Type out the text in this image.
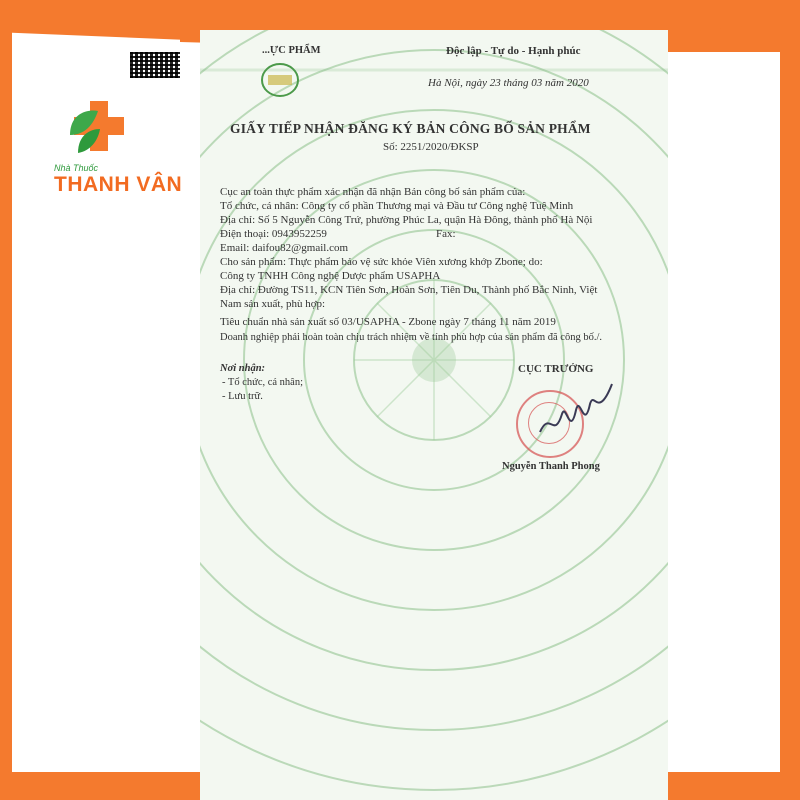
Nhà Thuốc
THANH VÂN
...ỰC PHẨM	Độc lập - Tự do - Hạnh phúc
Hà Nội, ngày 23 tháng 03 năm 2020
GIẤY TIẾP NHẬN ĐĂNG KÝ BẢN CÔNG BỐ SẢN PHẨM
Số: 2251/2020/ĐKSP
Cục an toàn thực phẩm xác nhận đã nhận Bản công bố sản phẩm của:
Tổ chức, cá nhân: Công ty cổ phần Thương mại và Đầu tư Công nghệ Tuệ Minh
Địa chỉ: Số 5 Nguyễn Công Trứ, phường Phúc La, quận Hà Đông, thành phố Hà Nội
Điện thoại: 0943952259	Fax:
Email: daifou82@gmail.com
Cho sản phẩm: Thực phẩm bảo vệ sức khỏe Viên xương khớp Zbone; do:
Công ty TNHH Công nghệ Dược phẩm USAPHA
Địa chỉ: Đường TS11, KCN Tiên Sơn, Hoàn Sơn, Tiên Du, Thành phố Bắc Ninh, Việt
Nam sản xuất, phù hợp:
Tiêu chuẩn nhà sản xuất số 03/USAPHA - Zbone ngày 7 tháng 11 năm 2019
Doanh nghiệp phải hoàn toàn chịu trách nhiệm về tính phù hợp của sản phẩm đã công bố./.
Nơi nhận:
- Tổ chức, cá nhân;
- Lưu trữ.
CỤC TRƯỞNG
Nguyễn Thanh Phong
